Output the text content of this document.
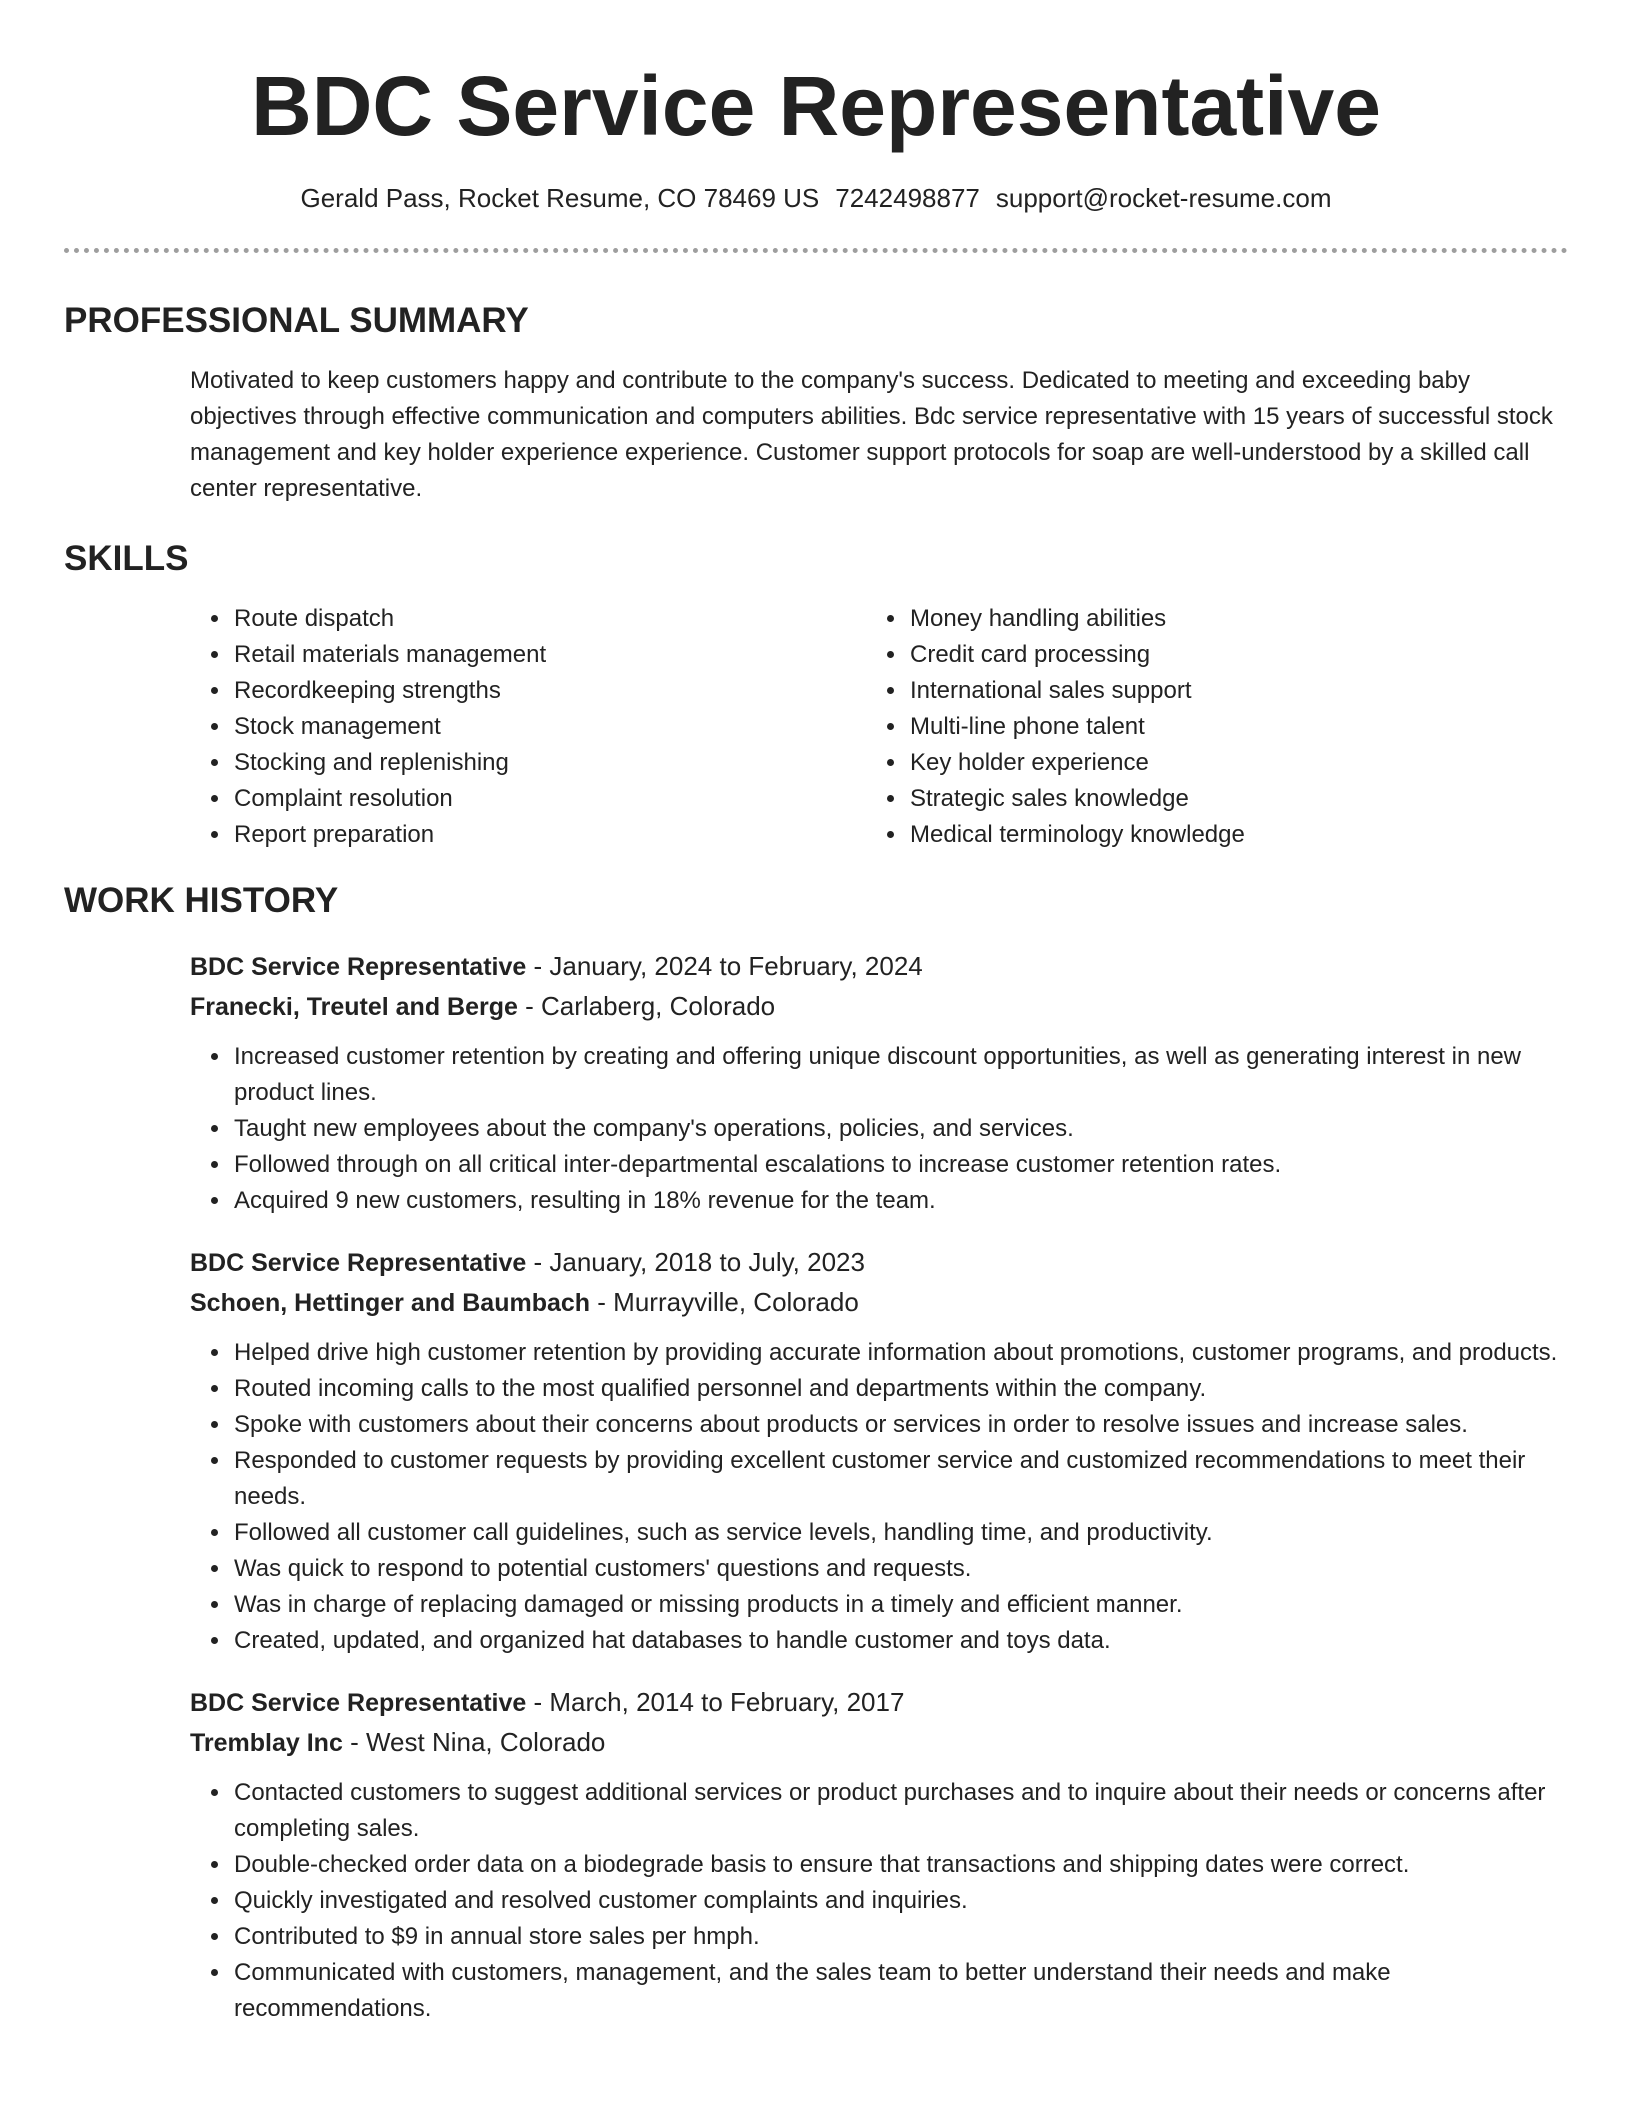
BDC Service Representative
Gerald Pass, Rocket Resume, CO 78469 US 7242498877 support@rocket-resume.com
PROFESSIONAL SUMMARY

Motivated to keep customers happy and contribute to the company's success. Dedicated to meeting and exceeding baby objectives through effective communication and computers abilities. Bdc service representative with 15 years of successful stock management and key holder experience experience. Customer support protocols for soap are well-understood by a skilled call center representative.

SKILLS
• Route dispatch
• Retail materials management
• Recordkeeping strengths
• Stock management
• Stocking and replenishing
• Complaint resolution
• Report preparation
• Money handling abilities
• Credit card processing
• International sales support
• Multi-line phone talent
• Key holder experience
• Strategic sales knowledge
• Medical terminology knowledge
WORK HISTORY
BDC Service Representative - January, 2024 to February, 2024
Franecki, Treutel and Berge - Carlaberg, Colorado
• Increased customer retention by creating and offering unique discount opportunities, as well as generating interest in new product lines.
• Taught new employees about the company's operations, policies, and services.
• Followed through on all critical inter-departmental escalations to increase customer retention rates.
• Acquired 9 new customers, resulting in 18% revenue for the team.
BDC Service Representative - January, 2018 to July, 2023
Schoen, Hettinger and Baumbach - Murrayville, Colorado
• Helped drive high customer retention by providing accurate information about promotions, customer programs, and products.
• Routed incoming calls to the most qualified personnel and departments within the company.
• Spoke with customers about their concerns about products or services in order to resolve issues and increase sales.
• Responded to customer requests by providing excellent customer service and customized recommendations to meet their needs.
• Followed all customer call guidelines, such as service levels, handling time, and productivity.
• Was quick to respond to potential customers' questions and requests.
• Was in charge of replacing damaged or missing products in a timely and efficient manner.
• Created, updated, and organized hat databases to handle customer and toys data.
BDC Service Representative - March, 2014 to February, 2017
Tremblay Inc - West Nina, Colorado
• Contacted customers to suggest additional services or product purchases and to inquire about their needs or concerns after completing sales.
• Double-checked order data on a biodegrade basis to ensure that transactions and shipping dates were correct.
• Quickly investigated and resolved customer complaints and inquiries.
• Contributed to $9 in annual store sales per hmph.
• Communicated with customers, management, and the sales team to better understand their needs and make recommendations.
